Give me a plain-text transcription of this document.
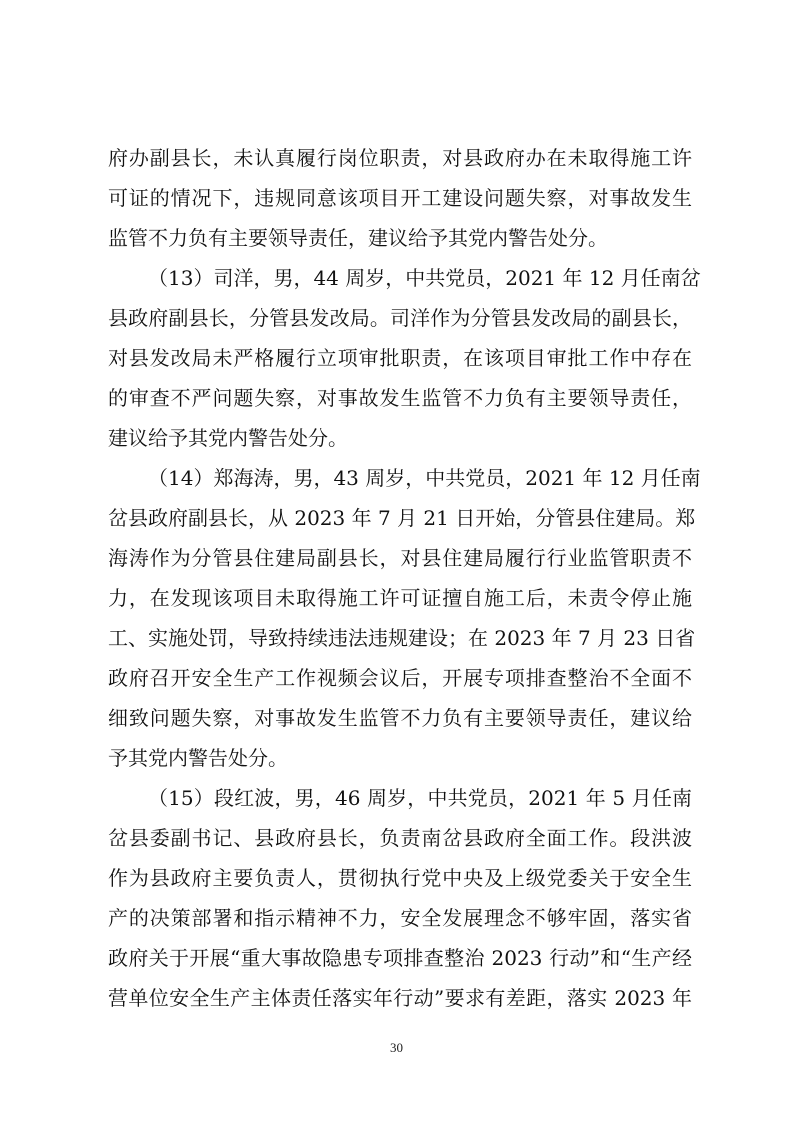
府办副县长，未认真履行岗位职责，对县政府办在未取得施工许
可证的情况下，违规同意该项目开工建设问题失察，对事故发生
监管不力负有主要领导责任，建议给予其党内警告处分。
（13）司洋，男，44 周岁，中共党员，2021 年 12 月任南岔
县政府副县长，分管县发改局。司洋作为分管县发改局的副县长，
对县发改局未严格履行立项审批职责，在该项目审批工作中存在
的审查不严问题失察，对事故发生监管不力负有主要领导责任，
建议给予其党内警告处分。
（14）郑海涛，男，43 周岁，中共党员，2021 年 12 月任南
岔县政府副县长，从 2023 年 7 月 21 日开始，分管县住建局。郑
海涛作为分管县住建局副县长，对县住建局履行行业监管职责不
力，在发现该项目未取得施工许可证擅自施工后，未责令停止施
工、实施处罚，导致持续违法违规建设；在 2023 年 7 月 23 日省
政府召开安全生产工作视频会议后，开展专项排查整治不全面不
细致问题失察，对事故发生监管不力负有主要领导责任，建议给
予其党内警告处分。
（15）段红波，男，46 周岁，中共党员，2021 年 5 月任南
岔县委副书记、县政府县长，负责南岔县政府全面工作。段洪波
作为县政府主要负责人，贯彻执行党中央及上级党委关于安全生
产的决策部署和指示精神不力，安全发展理念不够牢固，落实省
政府关于开展“重大事故隐患专项排查整治 2023 行动”和“生产经
营单位安全生产主体责任落实年行动”要求有差距，落实 2023 年
30
